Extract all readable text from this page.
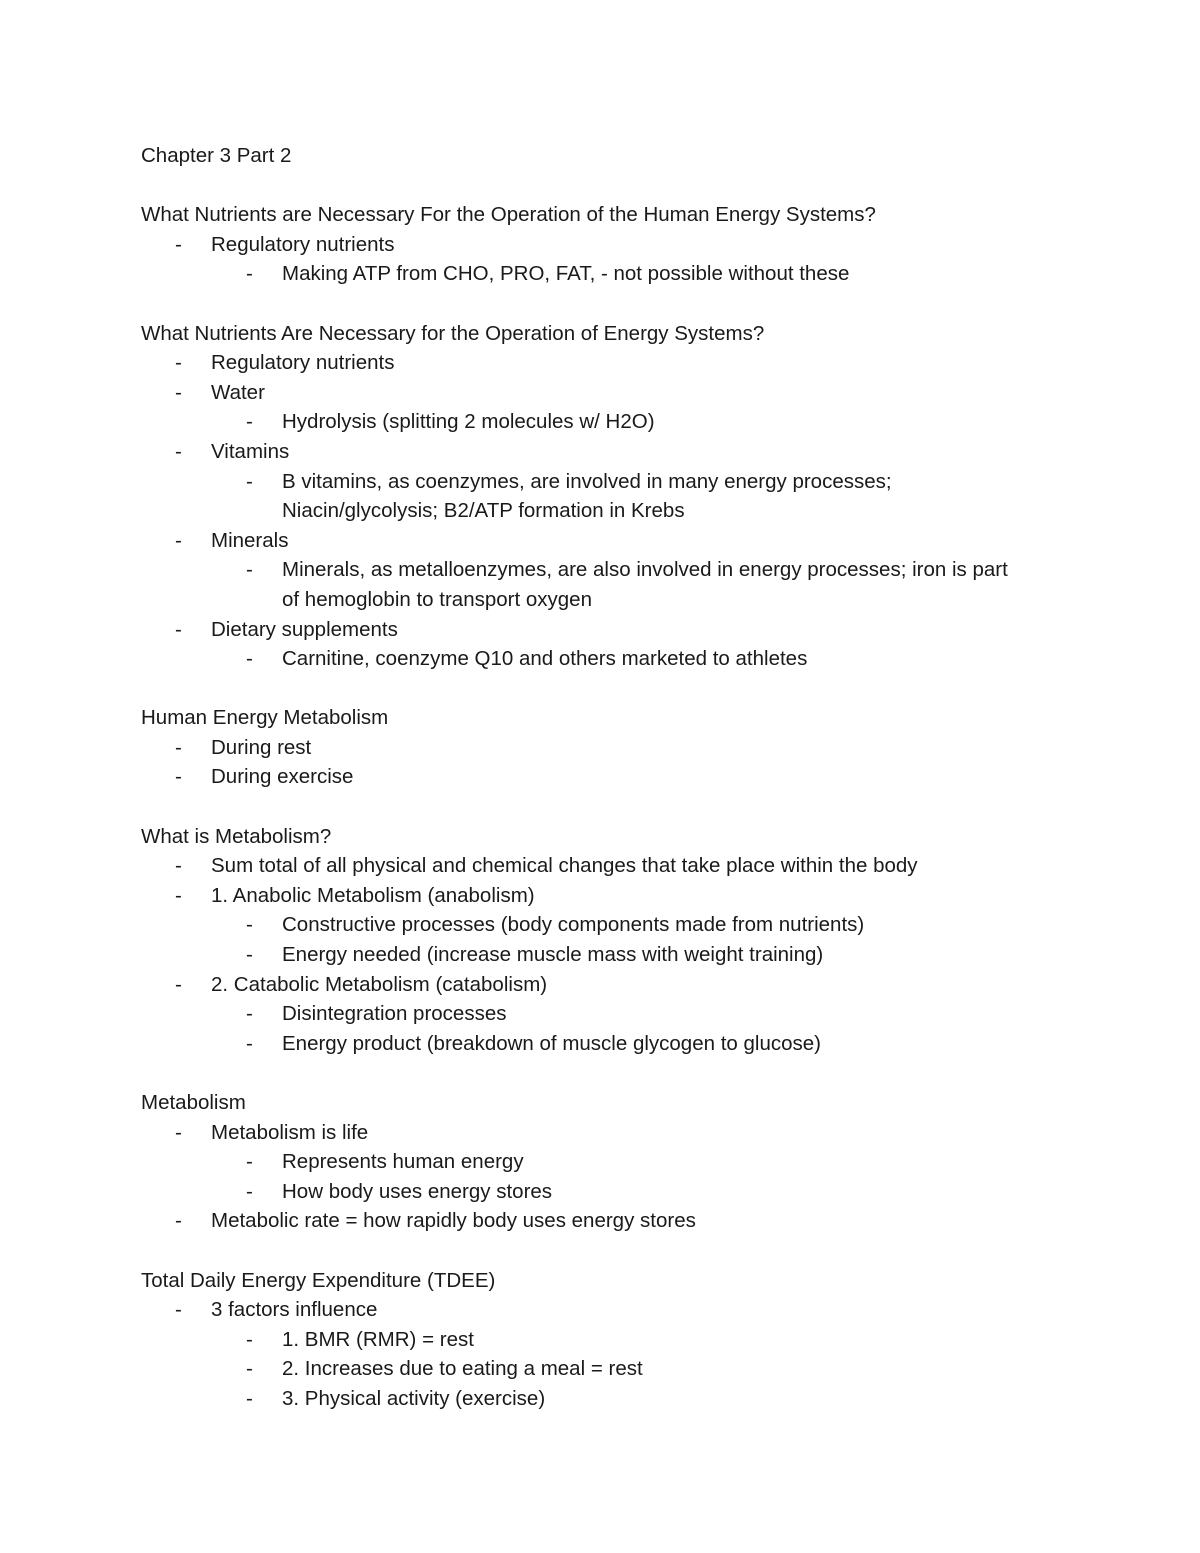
Chapter 3 Part 2
What Nutrients are Necessary For the Operation of the Human Energy Systems?
- Regulatory nutrients
- Making ATP from CHO, PRO, FAT, - not possible without these
What Nutrients Are Necessary for the Operation of Energy Systems?
- Regulatory nutrients
- Water
- Hydrolysis (splitting 2 molecules w/ H2O)
- Vitamins
- B vitamins, as coenzymes, are involved in many energy processes;
Niacin/glycolysis; B2/ATP formation in Krebs
- Minerals
- Minerals, as metalloenzymes, are also involved in energy processes; iron is part
of hemoglobin to transport oxygen
- Dietary supplements
- Carnitine, coenzyme Q10 and others marketed to athletes
Human Energy Metabolism
- During rest
- During exercise
What is Metabolism?
- Sum total of all physical and chemical changes that take place within the body
- 1. Anabolic Metabolism (anabolism)
- Constructive processes (body components made from nutrients)
- Energy needed (increase muscle mass with weight training)
- 2. Catabolic Metabolism (catabolism)
- Disintegration processes
- Energy product (breakdown of muscle glycogen to glucose)
Metabolism
- Metabolism is life
- Represents human energy
- How body uses energy stores
- Metabolic rate = how rapidly body uses energy stores
Total Daily Energy Expenditure (TDEE)
- 3 factors influence
- 1. BMR (RMR) = rest
- 2. Increases due to eating a meal = rest
- 3. Physical activity (exercise)
